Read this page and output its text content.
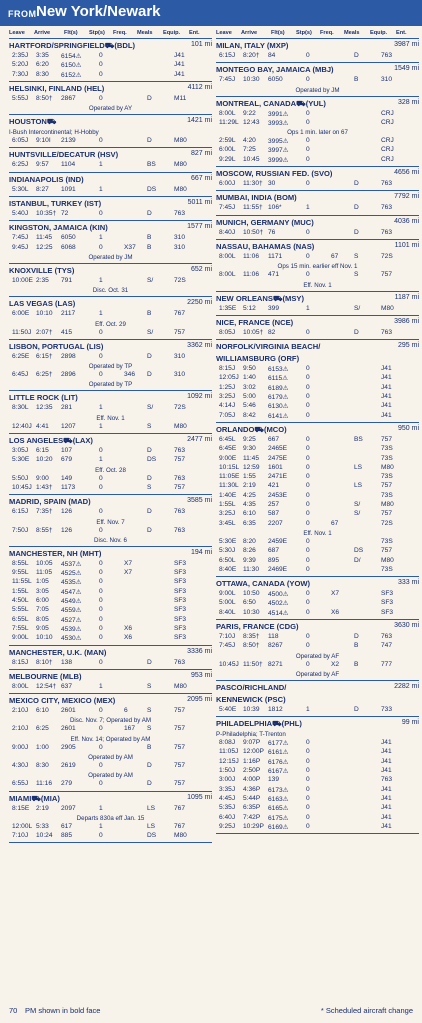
FROM New York/Newark
Leave Arrive Flt(s) Stp(s) Freq. Meals Equip. Ent.	Leave Arrive Flt(s) Stp(s) Freq. Meals Equip. Ent.
HARTFORD/SPRINGFIELD⛟(BDL)	101 mi
2:35J 3:35 6154⚠	0	J41
5:20J 6:20 6150⚠	0	J41
7:30J 8:30 6152⚠	0	J41
HELSINKI, FINLAND (HEL)	4112 mi
5:55J 8:50† 2867	0	D	M11
Operated by AY
HOUSTON⛟	1421 mi
I-Bush Intercontinental; H-Hobby
6:05J 9:10I 2139	0	D	M80
HUNTSVILLE/DECATUR (HSV)	827 mi
6:25J 9:57 1104	1	BS	M80
INDIANAPOLIS (IND)	667 mi
5:30L 8:27 1091	1	DS	M80
ISTANBUL, TURKEY (IST)	5011 mi
5:40J 10:35† 72	0	D	763
KINGSTON, JAMAICA (KIN)	1577 mi
7:45J 11:45 6050	1	B	310
9:45J 12:25 6068	0	X37 B	310
Operated by JM
KNOXVILLE (TYS)	652 mi
10:00E 2:35 791	1	S/	72S
Disc. Oct. 31
LAS VEGAS (LAS)	2250 mi
6:00E 10:10 2117	1	B	767
Eff. Oct. 29
11:50J 2:07† 415	0	S/	757
LISBON, PORTUGAL (LIS)	3362 mi
6:25E 6:15† 2898	0	D	310
Operated by TP
6:45J 6:25† 2896	0	346 D	310
Operated by TP
LITTLE ROCK (LIT)	1092 mi
8:30L 12:35 281	1	S/	72S
Eff. Nov. 1
12:40J 4:41 1207	1	S	M80
LOS ANGELES⛟(LAX)	2477 mi
3:05J 6:15 107	0	D	763
5:30E 10:20 679	1	DS	757
Eff. Oct. 28
5:50J 9:00 149	0	D	763
10:45J 1:43† 1173	0	S	757
MADRID, SPAIN (MAD)	3585 mi
6:15J 7:35† 126	0	D	763
Eff. Nov. 7
7:50J 8:55† 126	0	D	763
Disc. Nov. 6
MANCHESTER, NH (MHT)	194 mi
8:55L 10:05 4537⚠	0	X7	SF3
9:55L 11:05 4525⚠	0	X7	SF3
11:55L 1:05 4535⚠	0	SF3
1:55L 3:05 4547⚠	0	SF3
4:50L 6:00 4549⚠	0	SF3
5:55L 7:05 4559⚠	0	SF3
6:55L 8:05 4527⚠	0	SF3
7:55L 9:05 4539⚠	0	X6	SF3
9:00L 10:10 4530⚠	0	X6	SF3
MANCHESTER, U.K. (MAN)	3336 mi
8:15J 8:10† 138	0	D	763
MELBOURNE (MLB)	953 mi
8:00L 12:54† 637	1	S	M80
MEXICO CITY, MEXICO (MEX)	2095 mi
2:10J 6:10 2601	0	6	S	757
Disc. Nov. 7; Operated by AM
2:10J 6:25 2601	0	167 S	757
Eff. Nov. 14; Operated by AM
9:00J 1:00 2905	0	B	757
Operated by AM
4:30J 8:30 2619	0	D	757
Operated by AM
6:55J 11:16 279	0	D	757
MIAMI⛟(MIA)	1095 mi
8:15E 2:19 2097	1	LS	767
Departs 830a eff Jan. 15
12:00L 5:33 617	1	LS	767
7:10J 10:24 885	0	DS	M80
MILAN, ITALY (MXP)	3987 mi
6:15J 8:20† 84	0	D	763
MONTEGO BAY, JAMAICA (MBJ)	1549 mi
7:45J 10:30 6050	0	B	310
Operated by JM
MONTREAL, CANADA⛟(YUL)	328 mi
8:00L 9:22 3991⚠	0	CRJ
11:29L 12:43 3993⚠	0	CRJ
Ops 1 min. later on 67
2:59L 4:20 3995⚠	0	CRJ
6:00L 7:25 3997⚠	0	CRJ
9:29L 10:45 3999⚠	0	CRJ
MOSCOW, RUSSIAN FED. (SVO)	4656 mi
6:00J 11:30† 30	0	D	763
MUMBAI, INDIA (BOM)	7792 mi
7:45J 11:55† 106*	1	D	763
MUNICH, GERMANY (MUC)	4036 mi
8:40J 10:50† 76	0	D	763
NASSAU, BAHAMAS (NAS)	1101 mi
8:00L 11:06 1171	0	67 S	72S
Ops 15 min. earlier eff Nov. 1
8:00L 11:06 471	0	S	757
Eff. Nov. 1
NEW ORLEANS⛟(MSY)	1187 mi
1:35E 5:12 399	1	S/	M80
NICE, FRANCE (NCE)	3986 mi
8:05J 10:05† 82	0	D	763
NORFOLK/VIRGINIA BEACH/	295 mi
WILLIAMSBURG (ORF)
8:15J 9:50 6153⚠	0	J41
12:05J 1:40 6115⚠	0	J41
1:25J 3:02 6189⚠	0	J41
3:25J 5:00 6179⚠	0	J41
4:14J 5:46 6130⚠	0	J41
7:05J 8:42 6141⚠	0	J41
ORLANDO⛟(MCO)	950 mi
6:45L 9:25 667	0	BS	757
6:45E 9:30 2465E	0	73S
9:00E 11:45 2475E	0	73S
10:15L 12:59 1601	0	LS	M80
11:05E 1:55 2471E	0	73S
11:30L 2:19 421	0	LS	757
1:40E 4:25 2453E	0	73S
1:55L 4:35 257	0	S/	M80
3:25J 6:10 587	0	S/	757
3:45L 6:35 2207	0	67	72S
Eff. Nov. 1
5:30E 8:20 2459E	0	73S
5:30J 8:26 687	0	DS	757
6:50L 9:39 895	0	D/	M80
8:40E 11:30 2469E	0	73S
OTTAWA, CANADA (YOW)	333 mi
9:00L 10:50 4500⚠	0	X7	SF3
5:00L 6:50 4502⚠	0	SF3
8:40L 10:30 4514⚠	0	X6	SF3
PARIS, FRANCE (CDG)	3630 mi
7:10J 8:35† 118	0	D	763
7:45J 8:50† 8267	0	B	747
Operated by AF
10:45J 11:50† 8271	0	X2 B	777
Operated by AF
PASCO/RICHLAND/	2282 mi
KENNEWICK (PSC)
5:40E 10:39 1812	1	D	733
PHILADELPHIA⛟(PHL)	99 mi
P-Philadelphia; T-Trenton
8:08J 9:07P 6177⚠	0	J41
11:05J 12:00P 6161⚠	0	J41
12:15J 1:16P 6176⚠	0	J41
1:50J 2:50P 6167⚠	0	J41
3:00J 4:00P 139	0	763
3:35J 4:36P 6173⚠	0	J41
4:45J 5:44P 6163⚠	0	J41
5:35J 6:35P 6165⚠	0	J41
6:40J 7:42P 6175⚠	0	J41
9:25J 10:29P 6169⚠	0	J41
70 PM shown in bold face	* Scheduled aircraft change
